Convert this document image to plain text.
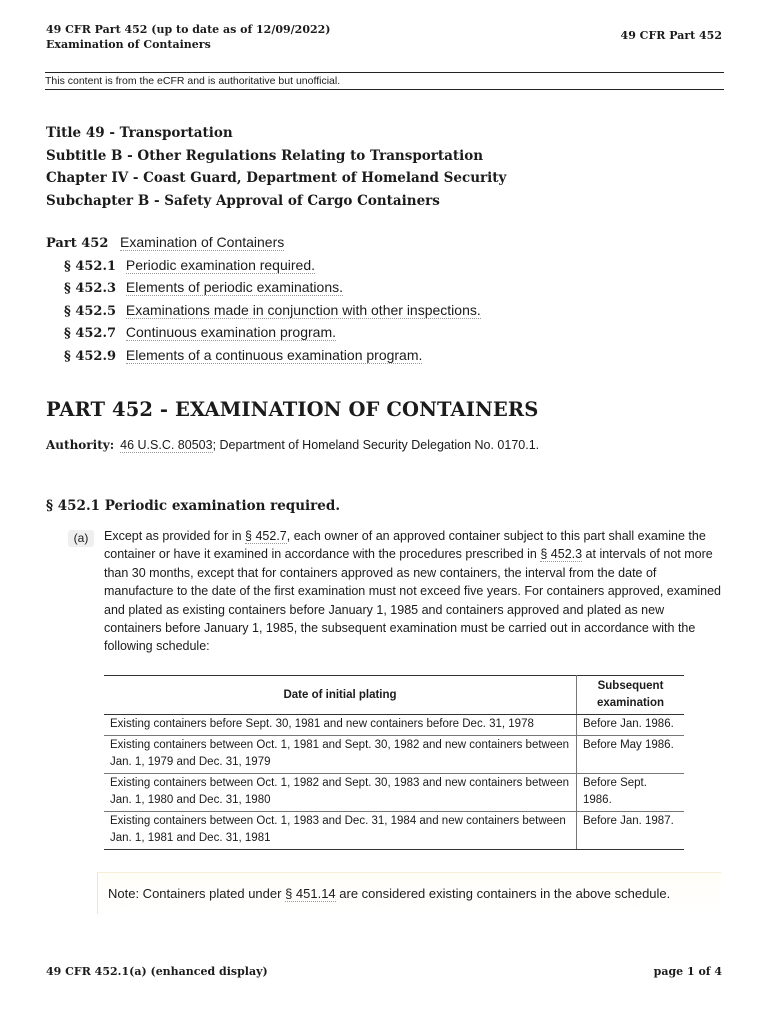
49 CFR Part 452 (up to date as of 12/09/2022)
Examination of Containers
49 CFR Part 452
This content is from the eCFR and is authoritative but unofficial.
Title 49 - Transportation
Subtitle B - Other Regulations Relating to Transportation
Chapter IV - Coast Guard, Department of Homeland Security
Subchapter B - Safety Approval of Cargo Containers
Part 452 Examination of Containers
§ 452.1 Periodic examination required.
§ 452.3 Elements of periodic examinations.
§ 452.5 Examinations made in conjunction with other inspections.
§ 452.7 Continuous examination program.
§ 452.9 Elements of a continuous examination program.
PART 452 - EXAMINATION OF CONTAINERS
Authority: 46 U.S.C. 80503; Department of Homeland Security Delegation No. 0170.1.
§ 452.1 Periodic examination required.
(a)	Except as provided for in § 452.7, each owner of an approved container subject to this part shall examine the container or have it examined in accordance with the procedures prescribed in § 452.3 at intervals of not more than 30 months, except that for containers approved as new containers, the interval from the date of manufacture to the date of the first examination must not exceed five years. For containers approved, examined and plated as existing containers before January 1, 1985 and containers approved and plated as new containers before January 1, 1985, the subsequent examination must be carried out in accordance with the following schedule:
Date of initial plating	Subsequent examination
Existing containers before Sept. 30, 1981 and new containers before Dec. 31, 1978	Before Jan. 1986.
Existing containers between Oct. 1, 1981 and Sept. 30, 1982 and new containers between Jan. 1, 1979 and Dec. 31, 1979	Before May 1986.
Existing containers between Oct. 1, 1982 and Sept. 30, 1983 and new containers between Jan. 1, 1980 and Dec. 31, 1980	Before Sept. 1986.
Existing containers between Oct. 1, 1983 and Dec. 31, 1984 and new containers between Jan. 1, 1981 and Dec. 31, 1981	Before Jan. 1987.
Note: Containers plated under § 451.14 are considered existing containers in the above schedule.
49 CFR 452.1(a) (enhanced display)	page 1 of 4
